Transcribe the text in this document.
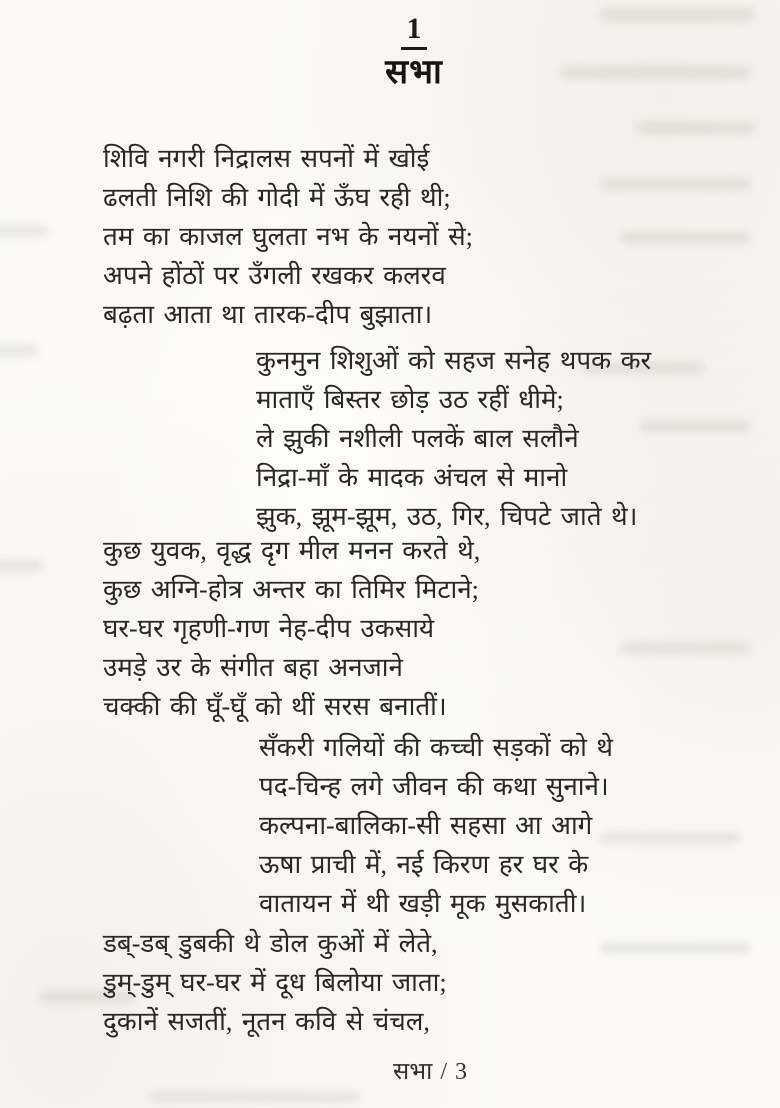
1
सभा
शिवि नगरी निद्रालस सपनों में खोई
ढलती निशि की गोदी में ऊँघ रही थी;
तम का काजल घुलता नभ के नयनों से;
अपने होंठों पर उँगली रखकर कलरव
बढ़ता आता था तारक-दीप बुझाता।
कुनमुन शिशुओं को सहज सनेह थपक कर
माताएँ बिस्तर छोड़ उठ रहीं धीमे;
ले झुकी नशीली पलकें बाल सलौने
निद्रा-माँ के मादक अंचल से मानो
झुक, झूम-झूम, उठ, गिर, चिपटे जाते थे।
कुछ युवक, वृद्ध दृग मील मनन करते थे,
कुछ अग्नि-होत्र अन्तर का तिमिर मिटाने;
घर-घर गृहणी-गण नेह-दीप उकसाये
उमड़े उर के संगीत बहा अनजाने
चक्की की घूँ-घूँ को थीं सरस बनातीं।
सँकरी गलियों की कच्ची सड़कों को थे
पद-चिन्ह लगे जीवन की कथा सुनाने।
कल्पना-बालिका-सी सहसा आ आगे
ऊषा प्राची में, नई किरण हर घर के
वातायन में थी खड़ी मूक मुसकाती।
डब्-डब् डुबकी थे डोल कुओं में लेते,
डुम्-डुम् घर-घर में दूध बिलोया जाता;
दुकानें सजतीं, नूतन कवि से चंचल,
सभा / 3
